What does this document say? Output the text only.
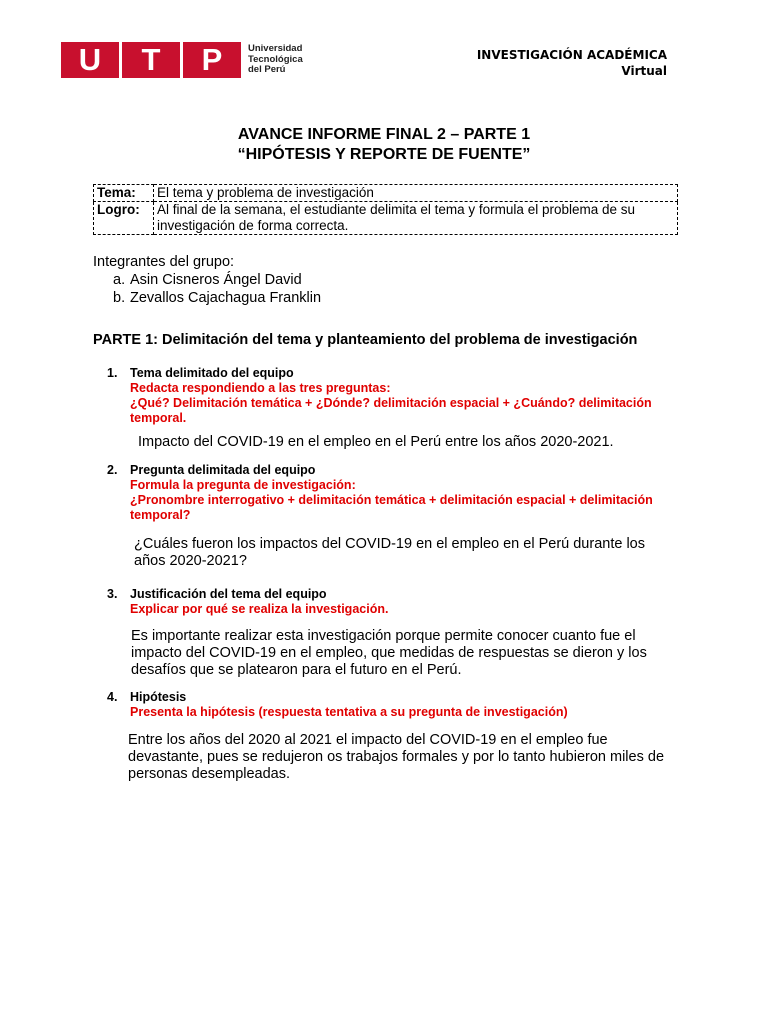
U	T	P	Universidad
Tecnológica
del Perú
INVESTIGACIÓN ACADÉMICA
Virtual
AVANCE INFORME FINAL 2 – PARTE 1
“HIPÓTESIS Y REPORTE DE FUENTE”
Tema:	El tema y problema de investigación
Logro:	Al final de la semana, el estudiante delimita el tema y formula el problema de su investigación de forma correcta.
Integrantes del grupo:
a. Asin Cisneros Ángel David
b. Zevallos Cajachagua Franklin
PARTE 1: Delimitación del tema y planteamiento del problema de investigación
1. Tema delimitado del equipo
Redacta respondiendo a las tres preguntas:
¿Qué? Delimitación temática + ¿Dónde? delimitación espacial + ¿Cuándo? delimitación temporal.
Impacto del COVID-19 en el empleo en el Perú entre los años 2020-2021.
2. Pregunta delimitada del equipo
Formula la pregunta de investigación:
¿Pronombre interrogativo + delimitación temática + delimitación espacial + delimitación temporal?
¿Cuáles fueron los impactos del COVID-19 en el empleo en el Perú durante los años 2020-2021?
3. Justificación del tema del equipo
Explicar por qué se realiza la investigación.
Es importante realizar esta investigación porque permite conocer cuanto fue el impacto del COVID-19 en el empleo, que medidas de respuestas se dieron y los desafíos que se platearon para el futuro en el Perú.
4. Hipótesis
Presenta la hipótesis (respuesta tentativa a su pregunta de investigación)
Entre los años del 2020 al 2021 el impacto del COVID-19 en el empleo fue devastante, pues se redujeron os trabajos formales y por lo tanto hubieron miles de personas desempleadas.
